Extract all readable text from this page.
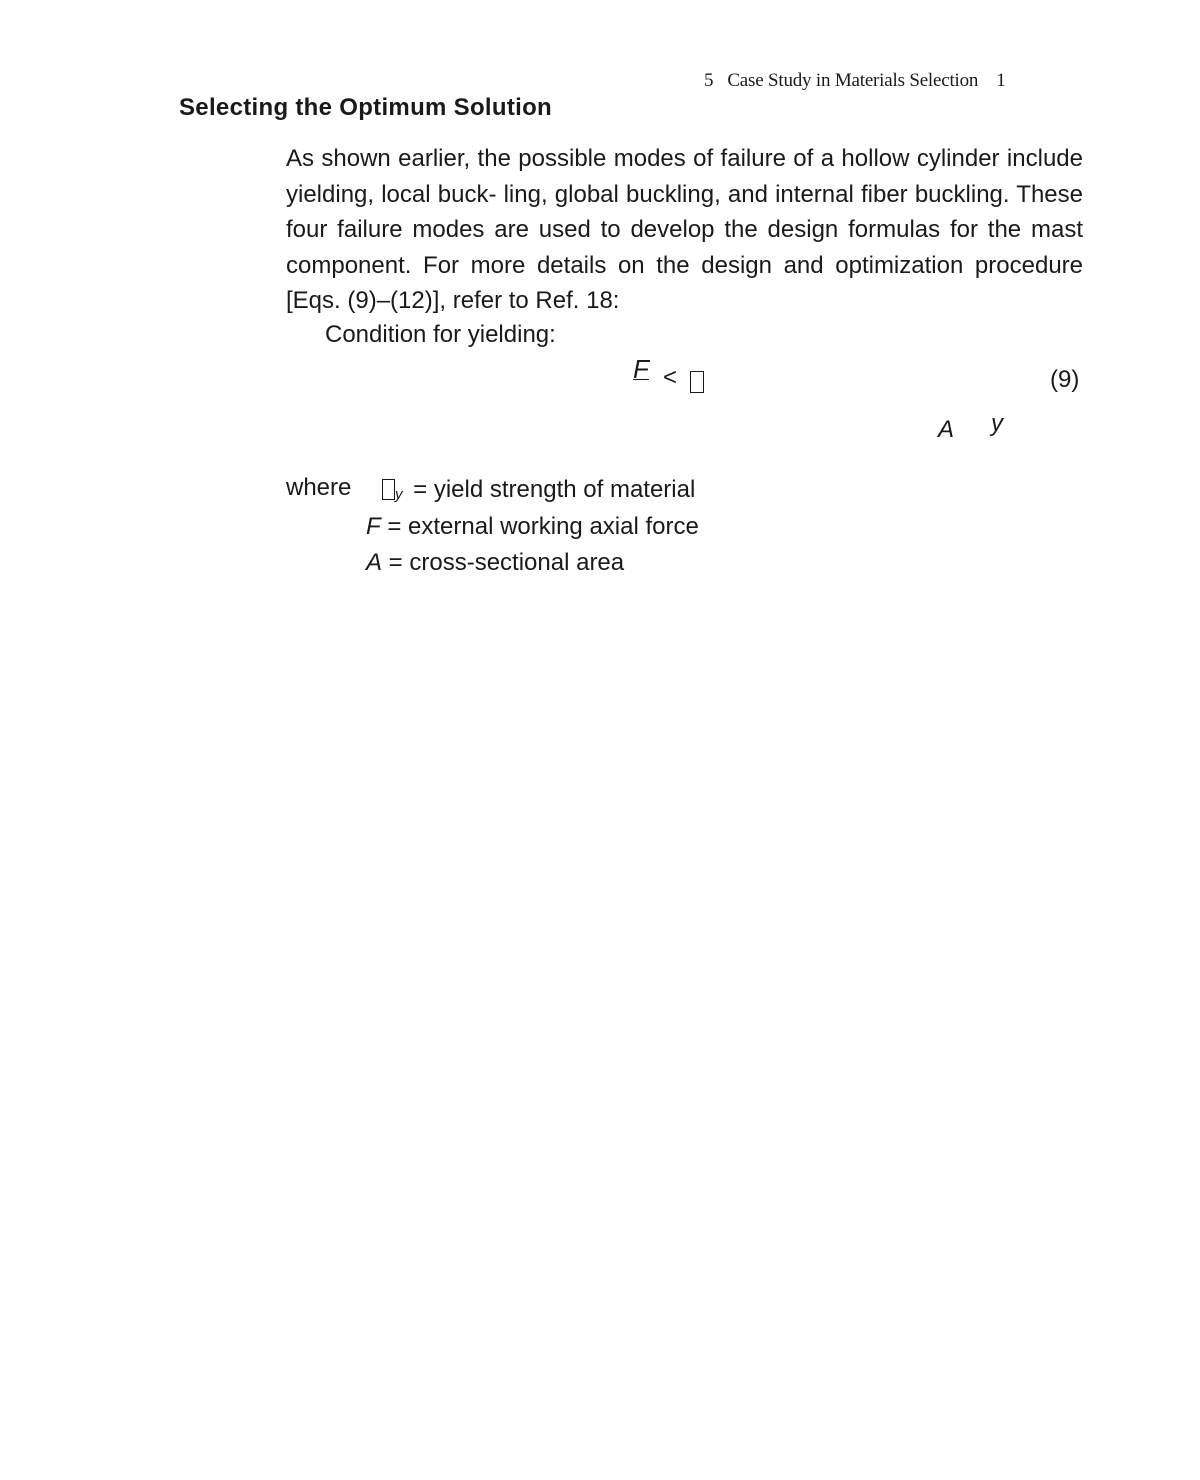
5 Case Study in Materials Selection 1
Selecting the Optimum Solution

As shown earlier, the possible modes of failure of a hollow cylinder include yielding, local buck- ling, global buckling, and internal fiber buckling. These four failure modes are used to develop the design formulas for the mast component. For more details on the design and optimization procedure [Eqs. (9)–(12)], refer to Ref. 18:

Condition for yielding:
F <	(9)
A y
where	y = yield strength of material
F = external working axial force
A = cross-sectional area
